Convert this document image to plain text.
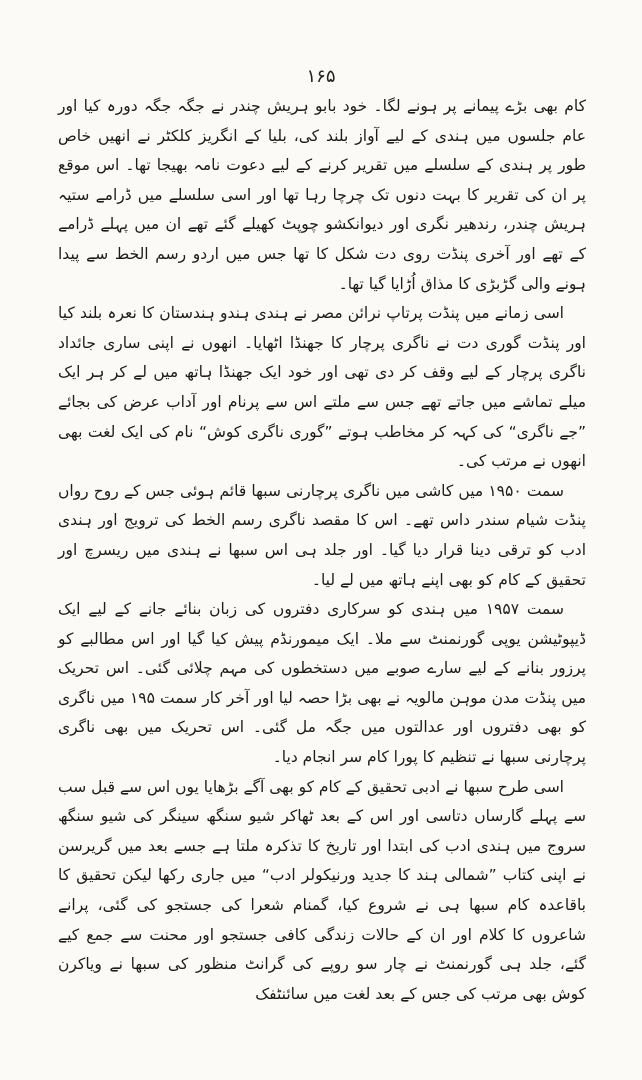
۱۶۵

کام بھی بڑے پیمانے پر ہونے لگا۔ خود بابو ہریش چندر نے جگہ جگہ دورہ کیا اور عام جلسوں میں ہندی کے لیے آواز بلند کی، بلیا کے انگریز کلکٹر نے انھیں خاص طور پر ہندی کے سلسلے میں تقریر کرنے کے لیے دعوت نامہ بھیجا تھا۔ اس موقع پر ان کی تقریر کا بہت دنوں تک چرچا رہا تھا اور اسی سلسلے میں ڈرامے ستیہ ہریش چندر، رندھیر نگری اور دیوانکشو چوپٹ کھیلے گئے تھے ان میں پہلے ڈرامے کے تھے اور آخری پنڈت روی دت شکل کا تھا جس میں اردو رسم الخط سے پیدا ہونے والی گڑبڑی کا مذاق اُڑایا گیا تھا۔

اسی زمانے میں پنڈت پرتاپ نرائن مصر نے ہندی ہندو ہندستان کا نعرہ بلند کیا اور پنڈت گوری دت نے ناگری پرچار کا جھنڈا اٹھایا۔ انھوں نے اپنی ساری جائداد ناگری پرچار کے لیے وقف کر دی تھی اور خود ایک جھنڈا ہاتھ میں لے کر ہر ایک میلے تماشے میں جاتے تھے جس سے ملتے اس سے پرنام اور آداب عرض کی بجائے ”جے ناگری“ کی کہہ کر مخاطب ہوتے ”گوری ناگری کوش“ نام کی ایک لغت بھی انھوں نے مرتب کی۔

سمت ۱۹۵۰ میں کاشی میں ناگری پرچارنی سبھا قائم ہوئی جس کے روح رواں پنڈت شیام سندر داس تھے۔ اس کا مقصد ناگری رسم الخط کی ترویج اور ہندی ادب کو ترقی دینا قرار دیا گیا۔ اور جلد ہی اس سبھا نے ہندی میں ریسرچ اور تحقیق کے کام کو بھی اپنے ہاتھ میں لے لیا۔

سمت ۱۹۵۷ میں ہندی کو سرکاری دفتروں کی زبان بنائے جانے کے لیے ایک ڈیپوٹیشن یوپی گورنمنٹ سے ملا۔ ایک میمورنڈم پیش کیا گیا اور اس مطالبے کو پرزور بنانے کے لیے سارے صوبے میں دستخطوں کی مہم چلائی گئی۔ اس تحریک میں پنڈت مدن موہن مالویہ نے بھی بڑا حصہ لیا اور آخر کار سمت ۱۹۵ میں ناگری کو بھی دفتروں اور عدالتوں میں جگہ مل گئی۔ اس تحریک میں بھی ناگری پرچارنی سبھا نے تنظیم کا پورا کام سر انجام دیا۔

اسی طرح سبھا نے ادبی تحقیق کے کام کو بھی آگے بڑھایا یوں اس سے قبل سب سے پہلے گارساں دتاسی اور اس کے بعد ٹھاکر شیو سنگھ سینگر کی شیو سنگھ سروج میں ہندی ادب کی ابتدا اور تاریخ کا تذکرہ ملتا ہے جسے بعد میں گریرسن نے اپنی کتاب ”شمالی ہند کا جدید ورنیکولر ادب“ میں جاری رکھا لیکن تحقیق کا باقاعدہ کام سبھا ہی نے شروع کیا، گمنام شعرا کی جستجو کی گئی، پرانے شاعروں کا کلام اور ان کے حالات زندگی کافی جستجو اور محنت سے جمع کیے گئے، جلد ہی گورنمنٹ نے چار سو روپے کی گرانٹ منظور کی سبھا نے ویاکرن کوش بھی مرتب کی جس کے بعد لغت میں سائنٹفک
